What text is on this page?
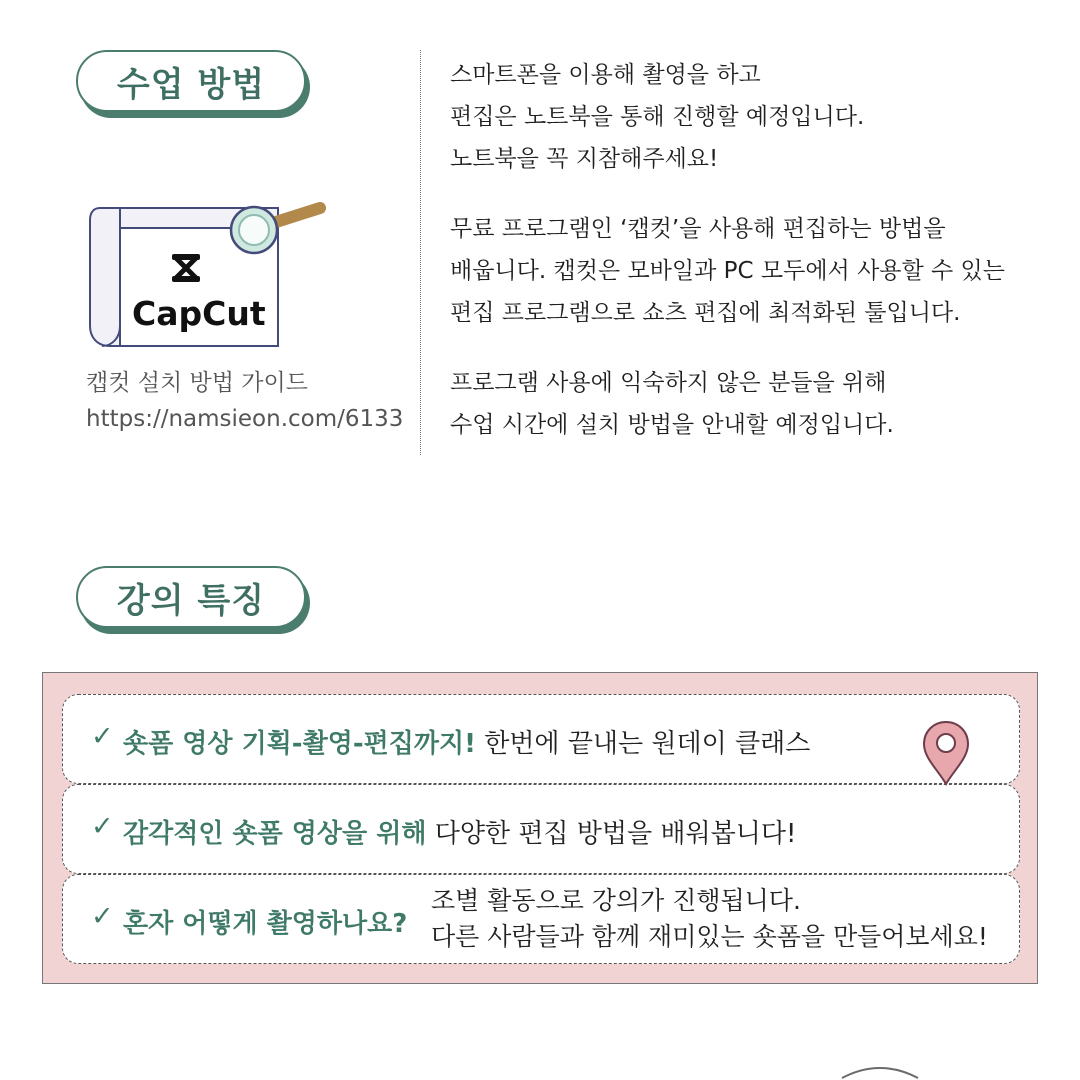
수업 방법
CapCut
캡컷 설치 방법 가이드
https://namsieon.com/6133

스마트폰을 이용해 촬영을 하고
편집은 노트북을 통해 진행할 예정입니다.
노트북을 꼭 지참해주세요!

무료 프로그램인 ‘캡컷’을 사용해 편집하는 방법을
배웁니다. 캡컷은 모바일과 PC 모두에서 사용할 수 있는
편집 프로그램으로 쇼츠 편집에 최적화된 툴입니다.

프로그램 사용에 익숙하지 않은 분들을 위해
수업 시간에 설치 방법을 안내할 예정입니다.

강의 특징
✓ 숏폼 영상 기획-촬영-편집까지! 한번에 끝내는 원데이 클래스
✓ 감각적인 숏폼 영상을 위해 다양한 편집 방법을 배워봅니다!
✓ 혼자 어떻게 촬영하나요?
조별 활동으로 강의가 진행됩니다.
다른 사람들과 함께 재미있는 숏폼을 만들어보세요!
